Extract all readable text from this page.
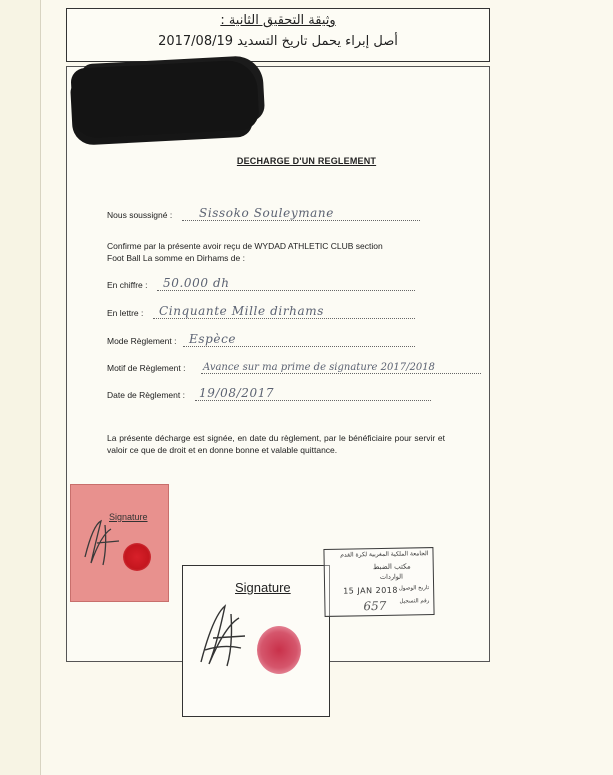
وثيقة التحقيق الثانية :
أصل إبراء يحمل تاريخ التسديد 2017/08/19
DECHARGE D'UN REGLEMENT
Nous soussigné : Sissoko Souleymane
Confirme par la présente avoir reçu de WYDAD ATHLETIC CLUB section
Foot Ball La somme en Dirhams de :
En chiffre : 50.000 dh
En lettre : Cinquante Mille dirhams
Mode Règlement : Espèce
Motif de Règlement : Avance sur ma prime de signature 2017/2018
Date de Règlement : 19/08/2017
La présente décharge est signée, en date du règlement, par le bénéficiaire pour servir et valoir ce que de droit et en donne bonne et valable quittance.
Signature
Signature
الجامعة الملكية المغربية لكرة القدم
مكتب الضبط
الواردات
15 JAN 2018 تاريخ الوصول
657 رقم التسجيل
